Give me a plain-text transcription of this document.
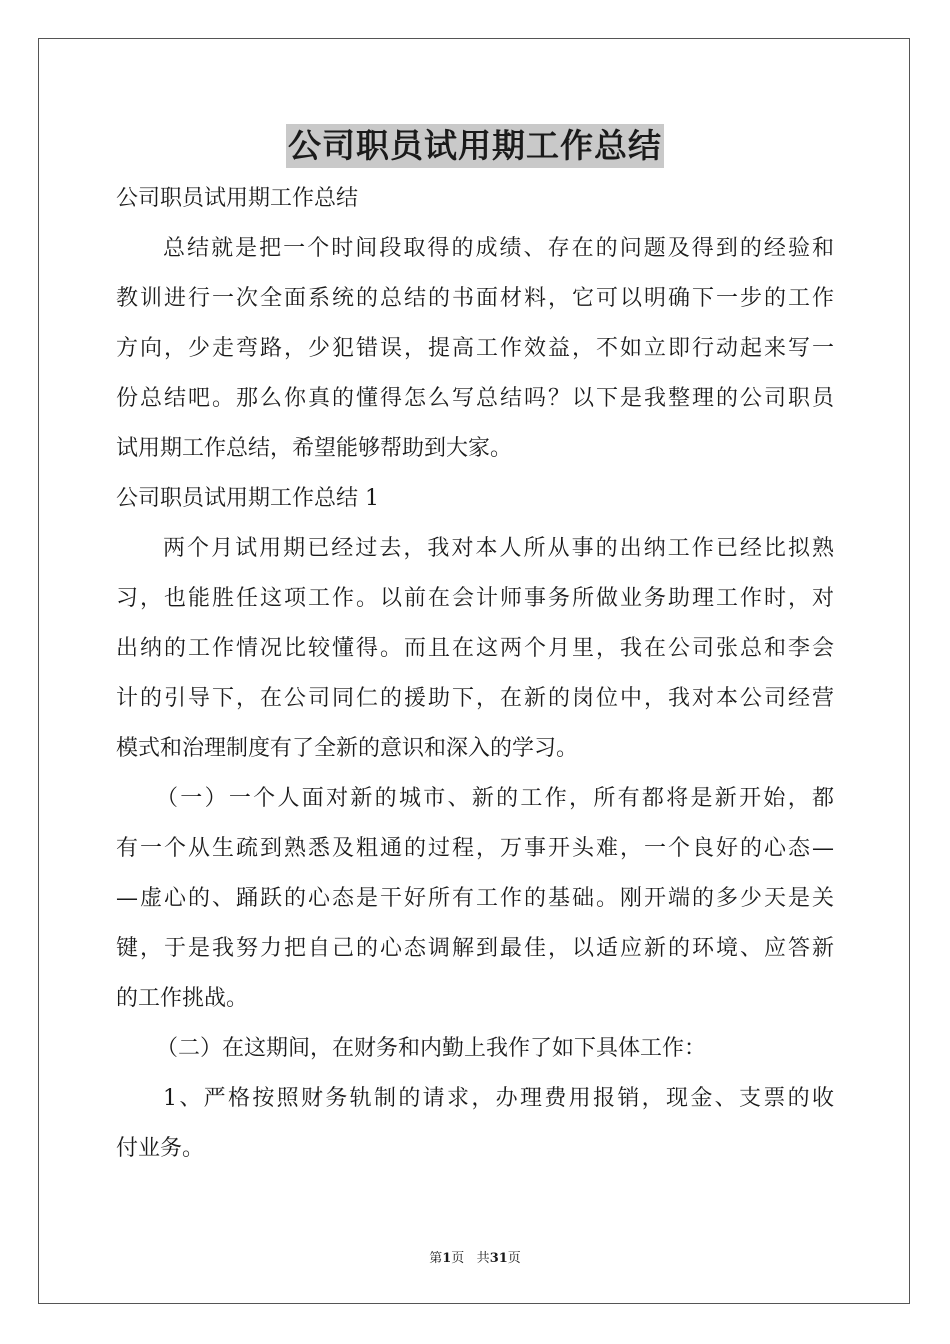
公司职员试用期工作总结
公司职员试用期工作总结
总结就是把一个时间段取得的成绩、存在的问题及得到的经验和
教训进行一次全面系统的总结的书面材料，它可以明确下一步的工作
方向，少走弯路，少犯错误，提高工作效益，不如立即行动起来写一
份总结吧。那么你真的懂得怎么写总结吗？以下是我整理的公司职员
试用期工作总结，希望能够帮助到大家。
公司职员试用期工作总结 1
两个月试用期已经过去，我对本人所从事的出纳工作已经比拟熟
习，也能胜任这项工作。以前在会计师事务所做业务助理工作时，对
出纳的工作情况比较懂得。而且在这两个月里，我在公司张总和李会
计的引导下，在公司同仁的援助下，在新的岗位中，我对本公司经营
模式和治理制度有了全新的意识和深入的学习。
（一）一个人面对新的城市、新的工作，所有都将是新开始，都
有一个从生疏到熟悉及粗通的过程，万事开头难，一个良好的心态—
—虚心的、踊跃的心态是干好所有工作的基础。刚开端的多少天是关
键，于是我努力把自己的心态调解到最佳，以适应新的环境、应答新
的工作挑战。
（二）在这期间，在财务和内勤上我作了如下具体工作：
1、严格按照财务轨制的请求，办理费用报销，现金、支票的收
付业务。
第1页 共31页
